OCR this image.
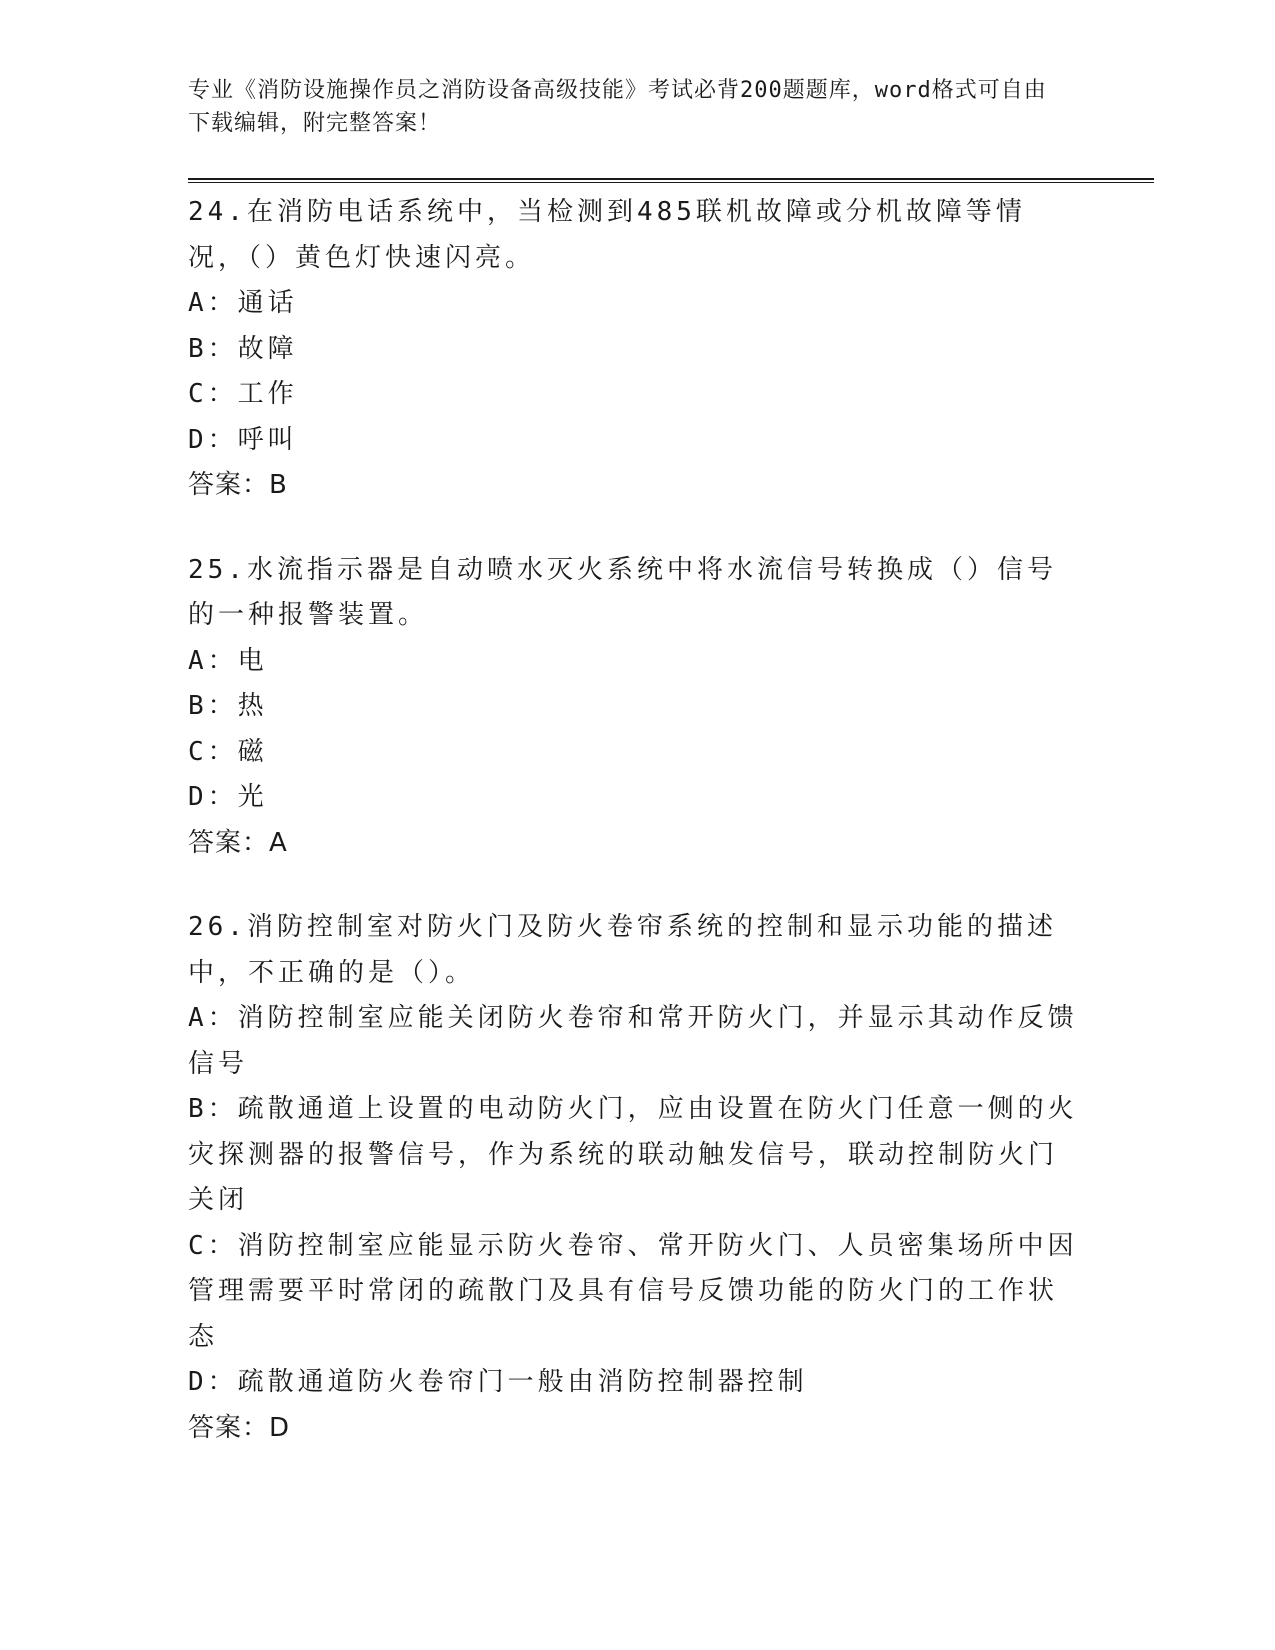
专业《消防设施操作员之消防设备高级技能》考试必背200题题库，word格式可自由下载编辑，附完整答案！
24.在消防电话系统中，当检测到485联机故障或分机故障等情况，（）黄色灯快速闪亮。
A：通话
B：故障
C：工作
D：呼叫
答案：B
25.水流指示器是自动喷水灭火系统中将水流信号转换成（）信号的一种报警装置。
A：电
B：热
C：磁
D：光
答案：A
26.消防控制室对防火门及防火卷帘系统的控制和显示功能的描述中，不正确的是（）。
A：消防控制室应能关闭防火卷帘和常开防火门，并显示其动作反馈信号
B：疏散通道上设置的电动防火门，应由设置在防火门任意一侧的火灾探测器的报警信号，作为系统的联动触发信号，联动控制防火门关闭
C：消防控制室应能显示防火卷帘、常开防火门、人员密集场所中因管理需要平时常闭的疏散门及具有信号反馈功能的防火门的工作状态
D：疏散通道防火卷帘门一般由消防控制器控制
答案：D
